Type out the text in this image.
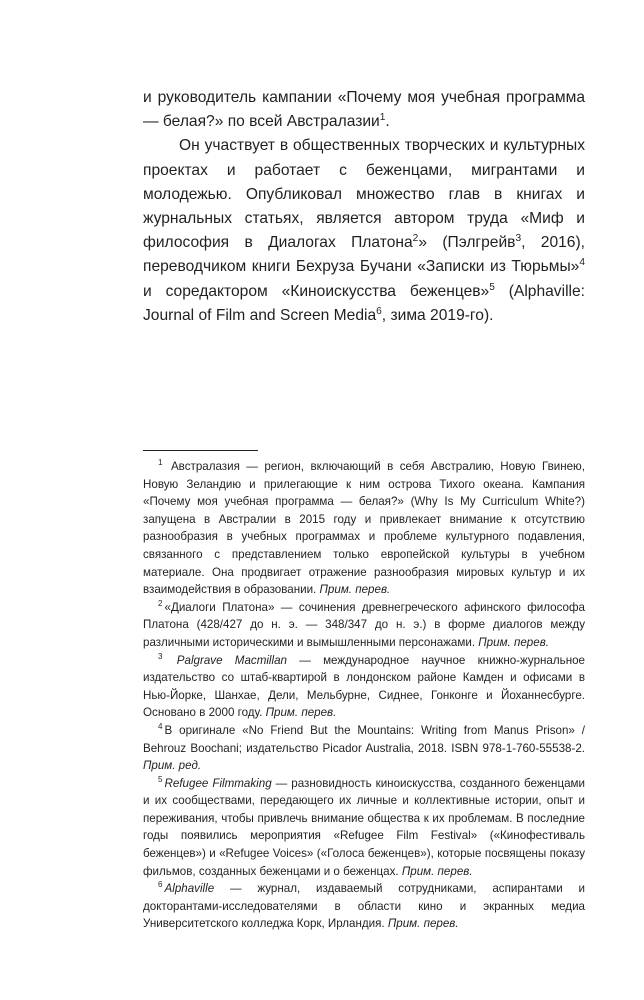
и руководитель кампании «Почему моя учебная программа — белая?» по всей Австралазии$^1$.

Он участвует в общественных творческих и культурных проектах и работает с беженцами, мигрантами и молодежью. Опубликовал множество глав в книгах и журнальных статьях, является автором труда «Миф и философия в Диалогах Платона$^2$» (Пэлгрейв$^3$, 2016), переводчиком книги Бехруза Бучани «Записки из Тюрьмы»$^4$ и соредактором «Киноискусства беженцев»$^5$ (Alphaville: Journal of Film and Screen Media$^6$, зима 2019-го).

$^1$ Австралазия — регион, включающий в себя Австралию, Новую Гвинею, Новую Зеландию и прилегающие к ним острова Тихого океана. Кампания «Почему моя учебная программа — белая?» (Why Is My Curriculum White?) запущена в Австралии в 2015 году и привлекает внимание к отсутствию разнообразия в учебных программах и проблеме культурного подавления, связанного с представлением только европейской культуры в учебном материале. Она продвигает отражение разнообразия мировых культур и их взаимодействия в образовании. Прим. перев.

$^2$ «Диалоги Платона» — сочинения древнегреческого афинского философа Платона (428/427 до н. э. — 348/347 до н. э.) в форме диалогов между различными историческими и вымышленными персонажами. Прим. перев.

$^3$ Palgrave Macmillan — международное научное книжно-журнальное издательство со штаб-квартирой в лондонском районе Камден и офисами в Нью-Йорке, Шанхае, Дели, Мельбурне, Сиднее, Гонконге и Йоханнесбурге. Основано в 2000 году. Прим. перев.

$^4$ В оригинале «No Friend But the Mountains: Writing from Manus Prison» / Behrouz Boochani; издательство Picador Australia, 2018. ISBN 978-1-760-55538-2. Прим. ред.

$^5$ Refugee Filmmaking — разновидность киноискусства, созданного беженцами и их сообществами, передающего их личные и коллективные истории, опыт и переживания, чтобы привлечь внимание общества к их проблемам. В последние годы появились мероприятия «Refugee Film Festival» («Кинофестиваль беженцев») и «Refugee Voices» («Голоса беженцев»), которые посвящены показу фильмов, созданных беженцами и о беженцах. Прим. перев.

$^6$ Alphaville — журнал, издаваемый сотрудниками, аспирантами и докторантами-исследователями в области кино и экранных медиа Университетского колледжа Корк, Ирландия. Прим. перев.
